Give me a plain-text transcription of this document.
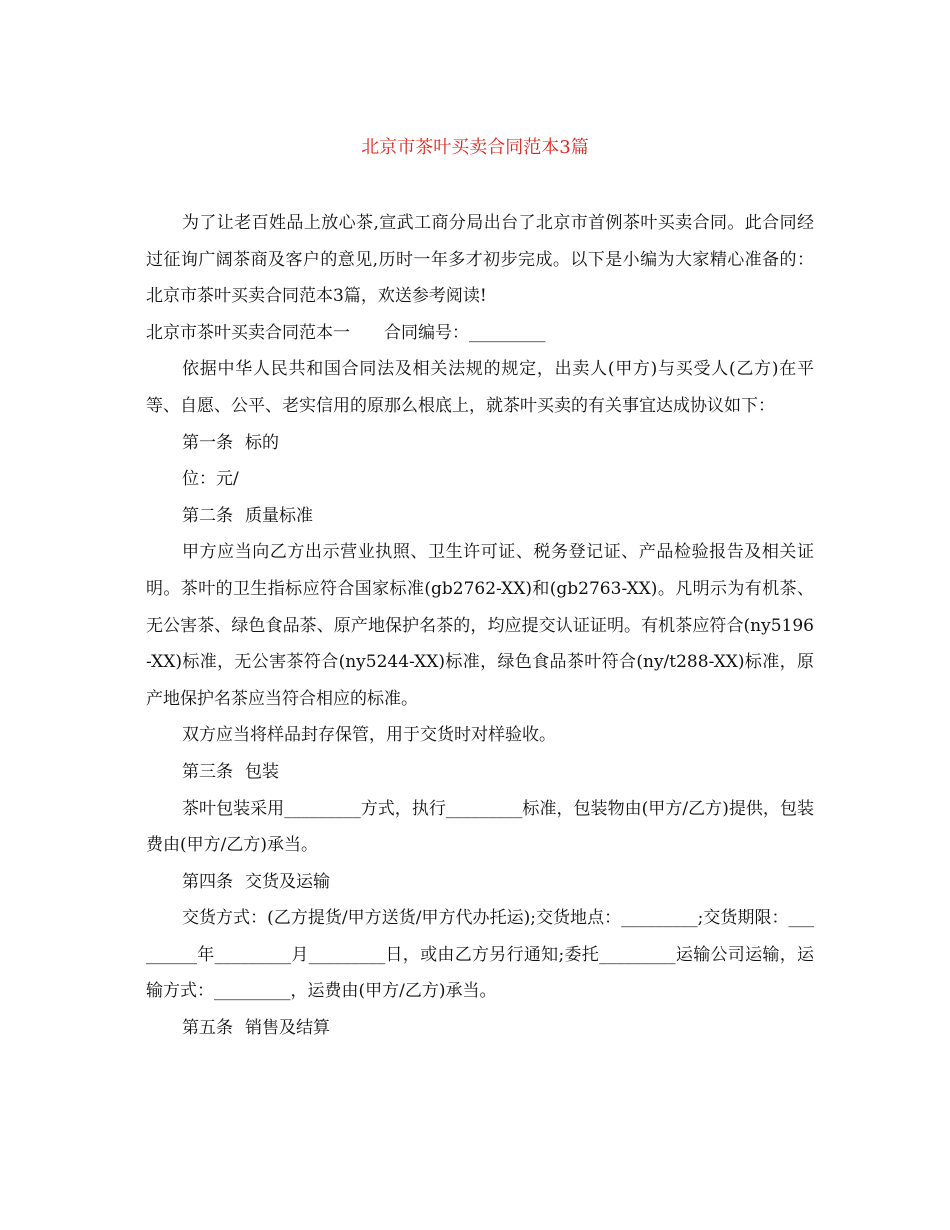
北京市茶叶买卖合同范本3篇

为了让老百姓品上放心茶,宣武工商分局出台了北京市首例茶叶买卖合同。此合同经过征询广阔茶商及客户的意见,历时一年多才初步完成。以下是小编为大家精心准备的：北京市茶叶买卖合同范本3篇，欢送参考阅读!

北京市茶叶买卖合同范本一 合同编号：_________

依据中华人民共和国合同法及相关法规的规定，出卖人(甲方)与买受人(乙方)在平等、自愿、公平、老实信用的原那么根底上，就茶叶买卖的有关事宜达成协议如下：

第一条 标的

位：元/

第二条 质量标准

甲方应当向乙方出示营业执照、卫生许可证、税务登记证、产品检验报告及相关证明。茶叶的卫生指标应符合国家标准(gb2762-XX)和(gb2763-XX)。凡明示为有机茶、无公害茶、绿色食品茶、原产地保护名茶的，均应提交认证证明。有机茶应符合(ny5196-XX)标准，无公害茶符合(ny5244-XX)标准，绿色食品茶叶符合(ny/t288-XX)标准，原产地保护名茶应当符合相应的标准。

双方应当将样品封存保管，用于交货时对样验收。

第三条 包装

茶叶包装采用_________方式，执行_________标准，包装物由(甲方/乙方)提供，包装费由(甲方/乙方)承当。

第四条 交货及运输

交货方式：(乙方提货/甲方送货/甲方代办托运);交货地点：_________;交货期限：_________年_________月_________日，或由乙方另行通知;委托_________运输公司运输，运输方式：_________，运费由(甲方/乙方)承当。

第五条 销售及结算
